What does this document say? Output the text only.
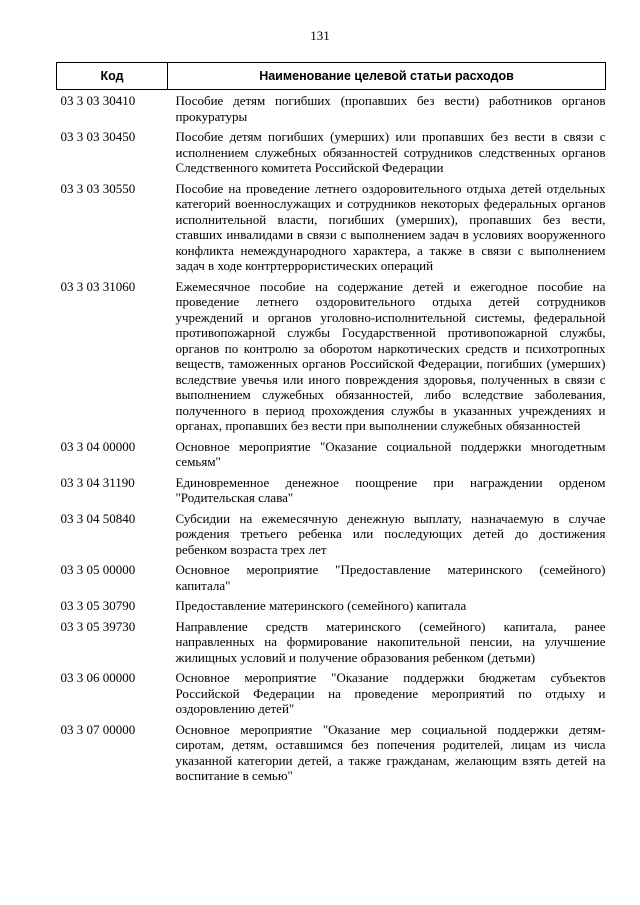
131
Код	Наименование целевой статьи расходов
03 3 03 30410	Пособие детям погибших (пропавших без вести) работников органов прокуратуры
03 3 03 30450	Пособие детям погибших (умерших) или пропавших без вести в связи с исполнением служебных обязанностей сотрудников следственных органов Следственного комитета Российской Федерации
03 3 03 30550	Пособие на проведение летнего оздоровительного отдыха детей отдельных категорий военнослужащих и сотрудников некоторых федеральных органов исполнительной власти, погибших (умерших), пропавших без вести, ставших инвалидами в связи с выполнением задач в условиях вооруженного конфликта немеждународного характера, а также в связи с выполнением задач в ходе контртеррористических операций
03 3 03 31060	Ежемесячное пособие на содержание детей и ежегодное пособие на проведение летнего оздоровительного отдыха детей сотрудников учреждений и органов уголовно-исполнительной системы, федеральной противопожарной службы Государственной противопожарной службы, органов по контролю за оборотом наркотических средств и психотропных веществ, таможенных органов Российской Федерации, погибших (умерших) вследствие увечья или иного повреждения здоровья, полученных в связи с выполнением служебных обязанностей, либо вследствие заболевания, полученного в период прохождения службы в указанных учреждениях и органах, пропавших без вести при выполнении служебных обязанностей
03 3 04 00000	Основное мероприятие "Оказание социальной поддержки многодетным семьям"
03 3 04 31190	Единовременное денежное поощрение при награждении орденом "Родительская слава"
03 3 04 50840	Субсидии на ежемесячную денежную выплату, назначаемую в случае рождения третьего ребенка или последующих детей до достижения ребенком возраста трех лет
03 3 05 00000	Основное мероприятие "Предоставление материнского (семейного) капитала"
03 3 05 30790	Предоставление материнского (семейного) капитала
03 3 05 39730	Направление средств материнского (семейного) капитала, ранее направленных на формирование накопительной пенсии, на улучшение жилищных условий и получение образования ребенком (детьми)
03 3 06 00000	Основное мероприятие "Оказание поддержки бюджетам субъектов Российской Федерации на проведение мероприятий по отдыху и оздоровлению детей"
03 3 07 00000	Основное мероприятие "Оказание мер социальной поддержки детям-сиротам, детям, оставшимся без попечения родителей, лицам из числа указанной категории детей, а также гражданам, желающим взять детей на воспитание в семью"
